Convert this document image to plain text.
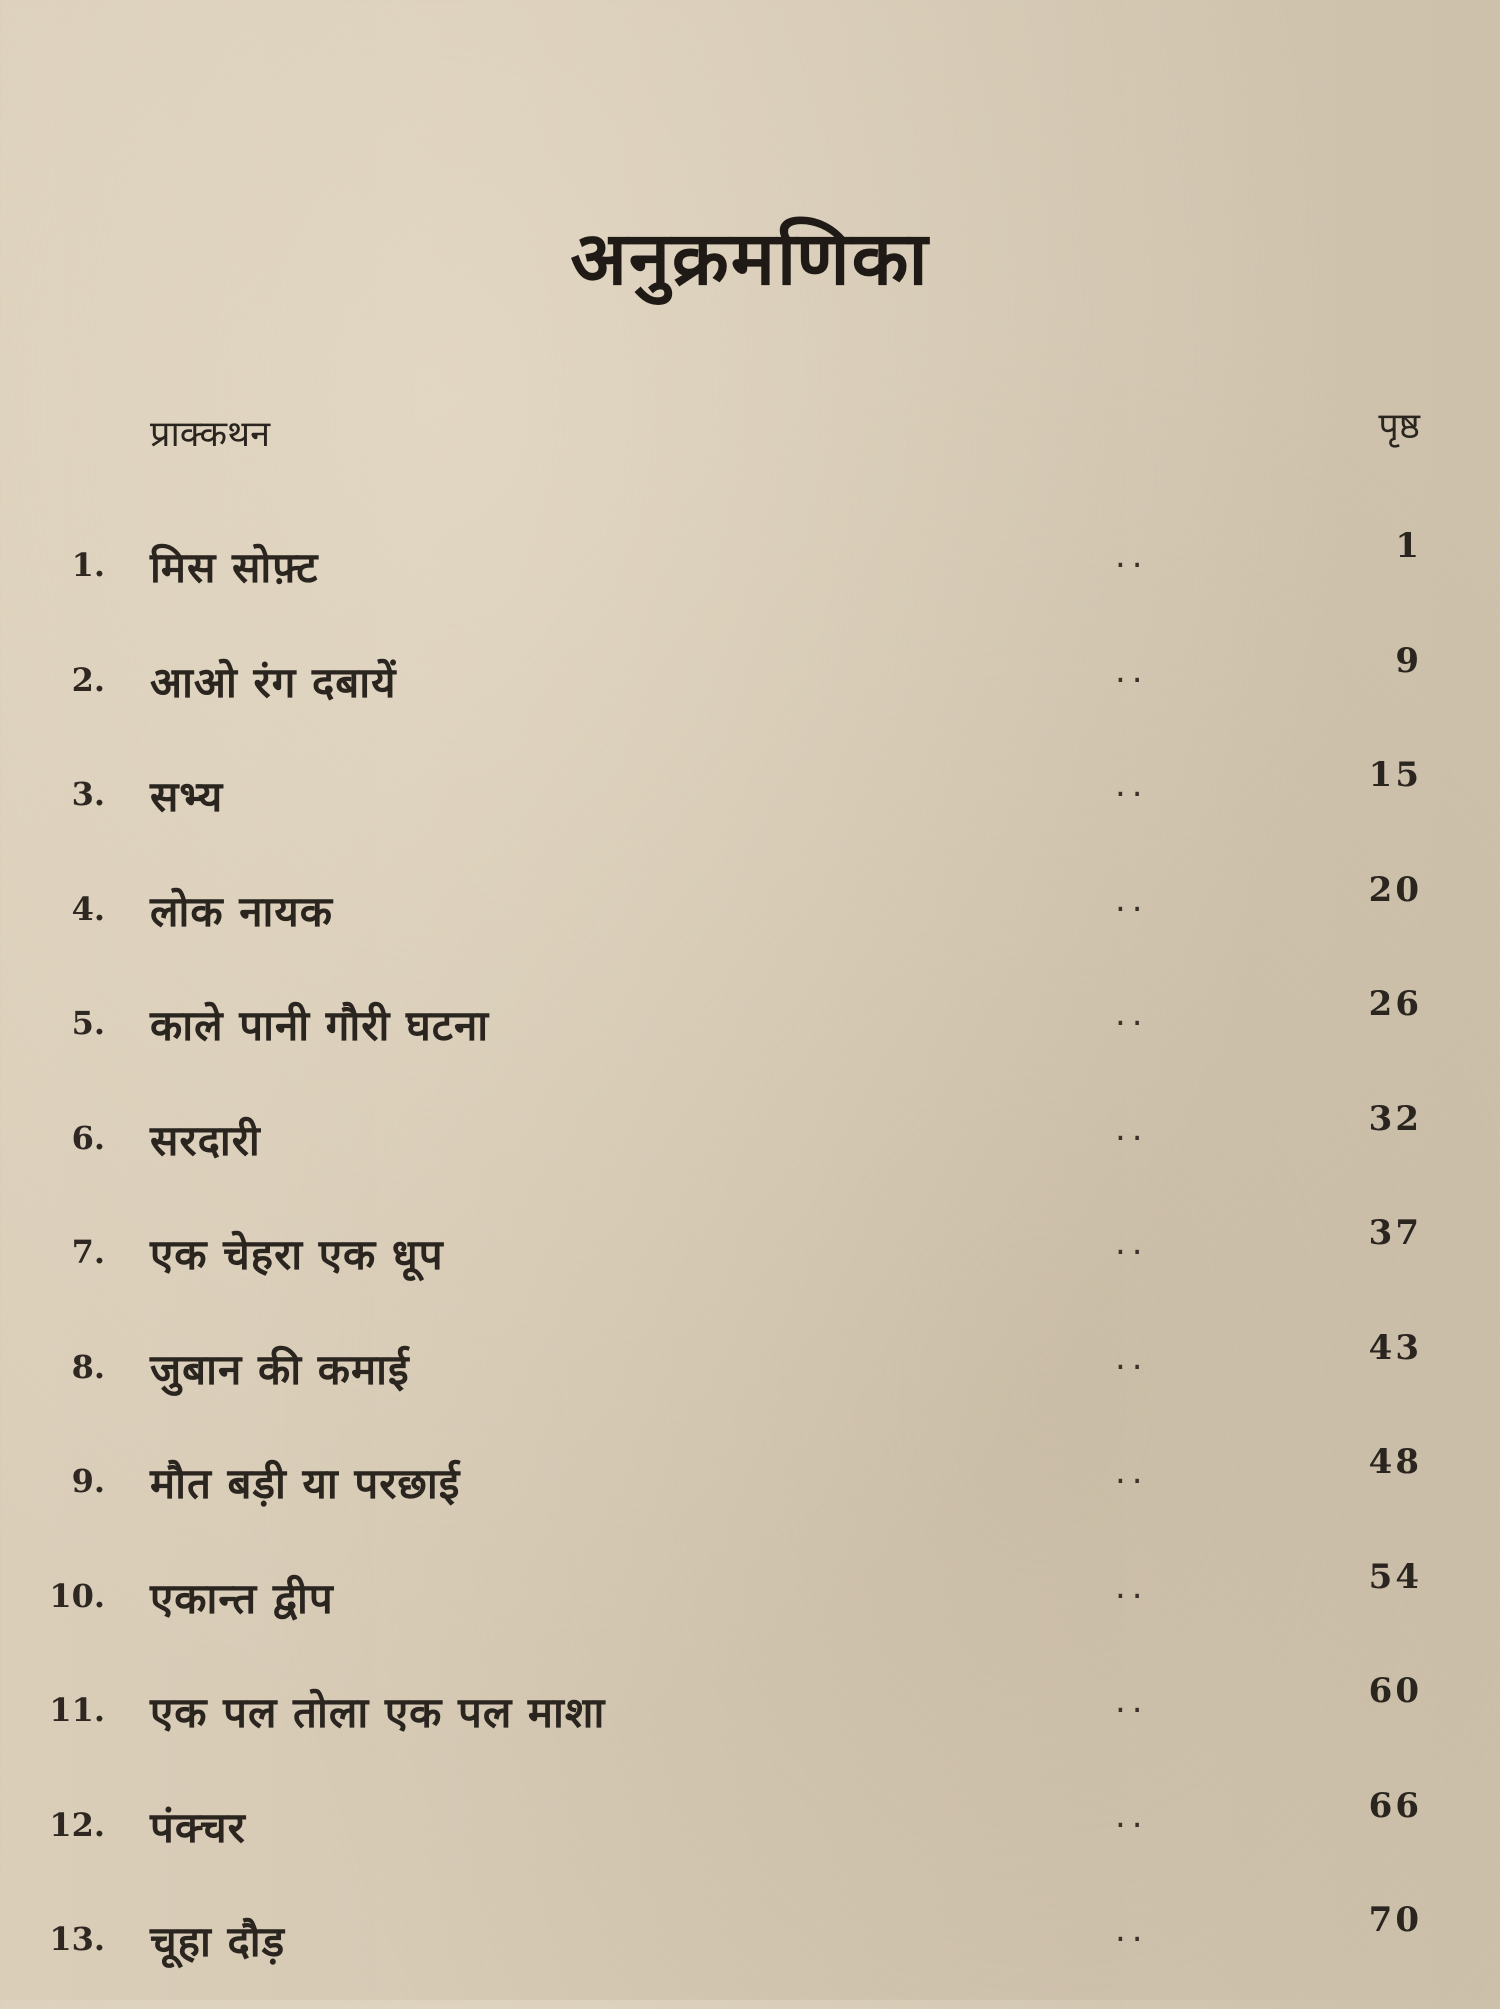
अनुक्रमणिका
प्राक्कथन	पृष्ठ
1. मिस सोफ़्ट	..	1
2. आओ रंग दबायें	..	9
3. सभ्य	..	15
4. लोक नायक	..	20
5. काले पानी गौरी घटना	..	26
6. सरदारी	..	32
7. एक चेहरा एक धूप	..	37
8. जुबान की कमाई	..	43
9. मौत बड़ी या परछाई	..	48
10. एकान्त द्वीप	..	54
11. एक पल तोला एक पल माशा	..	60
12. पंक्चर	..	66
13. चूहा दौड़	..	70
